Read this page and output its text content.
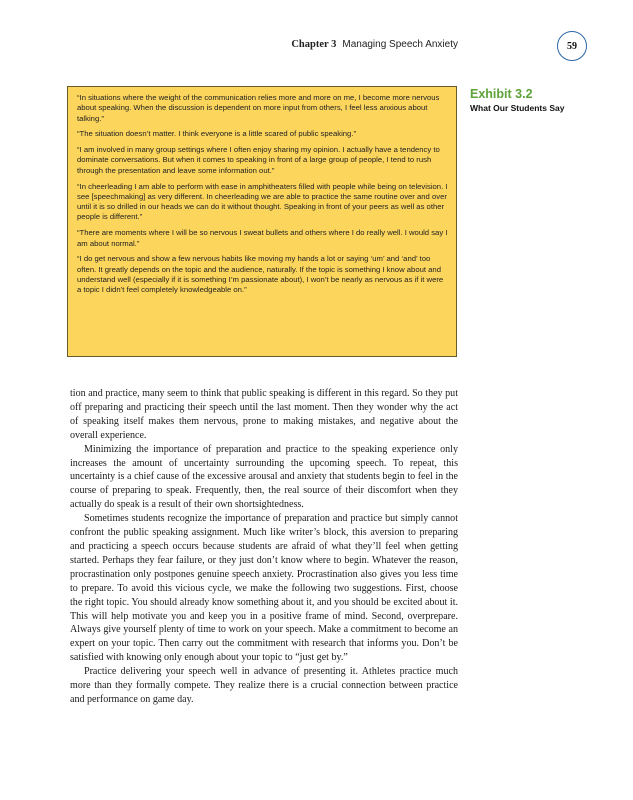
Chapter 3 Managing Speech Anxiety	59

“In situations where the weight of the communication relies more and more on me, I become more nervous about speaking. When the discussion is dependent on more input from others, I feel less anxious about talking.”

“The situation doesn’t matter. I think everyone is a little scared of public speaking.”

“I am involved in many group settings where I often enjoy sharing my opinion. I actually have a tendency to dominate conversations. But when it comes to speaking in front of a large group of people, I tend to rush through the presentation and leave some information out.”

“In cheerleading I am able to perform with ease in amphitheaters filled with people while being on television. I see [speechmaking] as very different. In cheerleading we are able to practice the same routine over and over until it is so drilled in our heads we can do it without thought. Speaking in front of your peers as well as other people is different.”

“There are moments where I will be so nervous I sweat bullets and others where I do really well. I would say I am about normal.”

“I do get nervous and show a few nervous habits like moving my hands a lot or saying ‘um’ and ‘and’ too often. It greatly depends on the topic and the audience, naturally. If the topic is something I know about and understand well (especially if it is something I’m passionate about), I won’t be nearly as nervous as if it were a topic I didn’t feel completely knowledgeable on.”

Exhibit 3.2
What Our Students Say

tion and practice, many seem to think that public speaking is different in this regard. So they put off preparing and practicing their speech until the last moment. Then they wonder why the act of speaking itself makes them nervous, prone to making mistakes, and negative about the overall experience.

Minimizing the importance of preparation and practice to the speaking experience only increases the amount of uncertainty surrounding the upcoming speech. To repeat, this uncertainty is a chief cause of the excessive arousal and anxiety that students begin to feel in the course of preparing to speak. Frequently, then, the real source of their discomfort when they actually do speak is a result of their own shortsightedness.

Sometimes students recognize the importance of preparation and practice but simply cannot confront the public speaking assignment. Much like writer’s block, this aversion to preparing and practicing a speech occurs because students are afraid of what they’ll feel when getting started. Perhaps they fear failure, or they just don’t know where to begin. Whatever the reason, procrastination only postpones genuine speech anxiety. Procrastination also gives you less time to prepare. To avoid this vicious cycle, we make the following two suggestions. First, choose the right topic. You should already know something about it, and you should be excited about it. This will help motivate you and keep you in a positive frame of mind. Second, overprepare. Always give yourself plenty of time to work on your speech. Make a commitment to become an expert on your topic. Then carry out the commitment with research that informs you. Don’t be satisfied with knowing only enough about your topic to “just get by.”

Practice delivering your speech well in advance of presenting it. Athletes practice much more than they formally compete. They realize there is a crucial connection between practice and performance on game day.
